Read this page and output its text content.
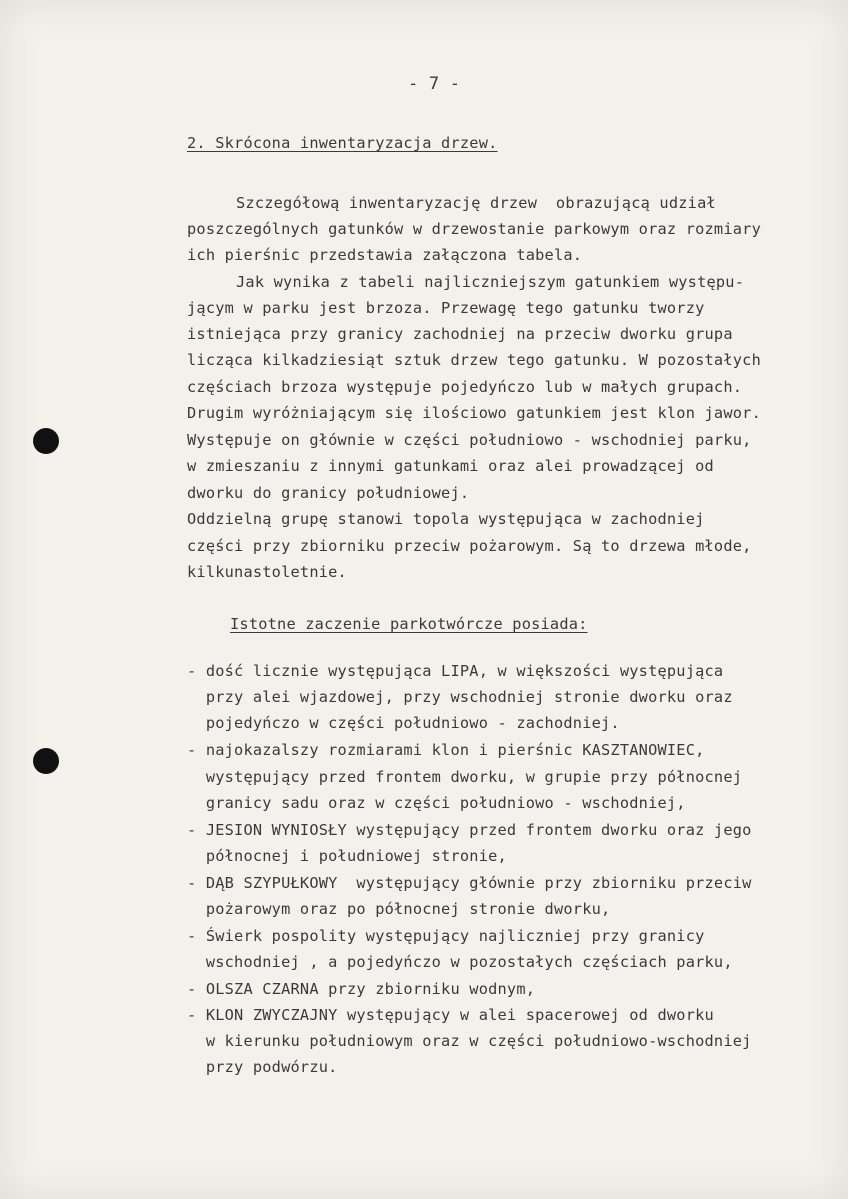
- 7 -
2. Skrócona inwentaryzacja drzew.
Szczegółową inwentaryzację drzew  obrazującą udział
poszczególnych gatunków w drzewostanie parkowym oraz rozmiary
ich pierśnic przedstawia załączona tabela.
Jak wynika z tabeli najliczniejszym gatunkiem występu-
jącym w parku jest brzoza. Przewagę tego gatunku tworzy
istniejąca przy granicy zachodniej na przeciw dworku grupa
licząca kilkadziesiąt sztuk drzew tego gatunku. W pozostałych
częściach brzoza występuje pojedyńczo lub w małych grupach.
Drugim wyróżniającym się ilościowo gatunkiem jest klon jawor.
Występuje on głównie w części południowo - wschodniej parku,
w zmieszaniu z innymi gatunkami oraz alei prowadzącej od
dworku do granicy południowej.
Oddzielną grupę stanowi topola występująca w zachodniej
części przy zbiorniku przeciw pożarowym. Są to drzewa młode,
kilkunastoletnie.
Istotne zaczenie parkotwórcze posiada:
- dość licznie występująca LIPA, w większości występująca
przy alei wjazdowej, przy wschodniej stronie dworku oraz
pojedyńczo w części południowo - zachodniej.
- najokazalszy rozmiarami klon i pierśnic KASZTANOWIEC,
występujący przed frontem dworku, w grupie przy północnej
granicy sadu oraz w części południowo - wschodniej,
- JESION WYNIOSŁY występujący przed frontem dworku oraz jego
północnej i południowej stronie,
- DĄB SZYPUŁKOWY  występujący głównie przy zbiorniku przeciw
pożarowym oraz po północnej stronie dworku,
- Świerk pospolity występujący najliczniej przy granicy
wschodniej , a pojedyńczo w pozostałych częściach parku,
- OLSZA CZARNA przy zbiorniku wodnym,
- KLON ZWYCZAJNY występujący w alei spacerowej od dworku
w kierunku południowym oraz w części południowo-wschodniej
przy podwórzu.
